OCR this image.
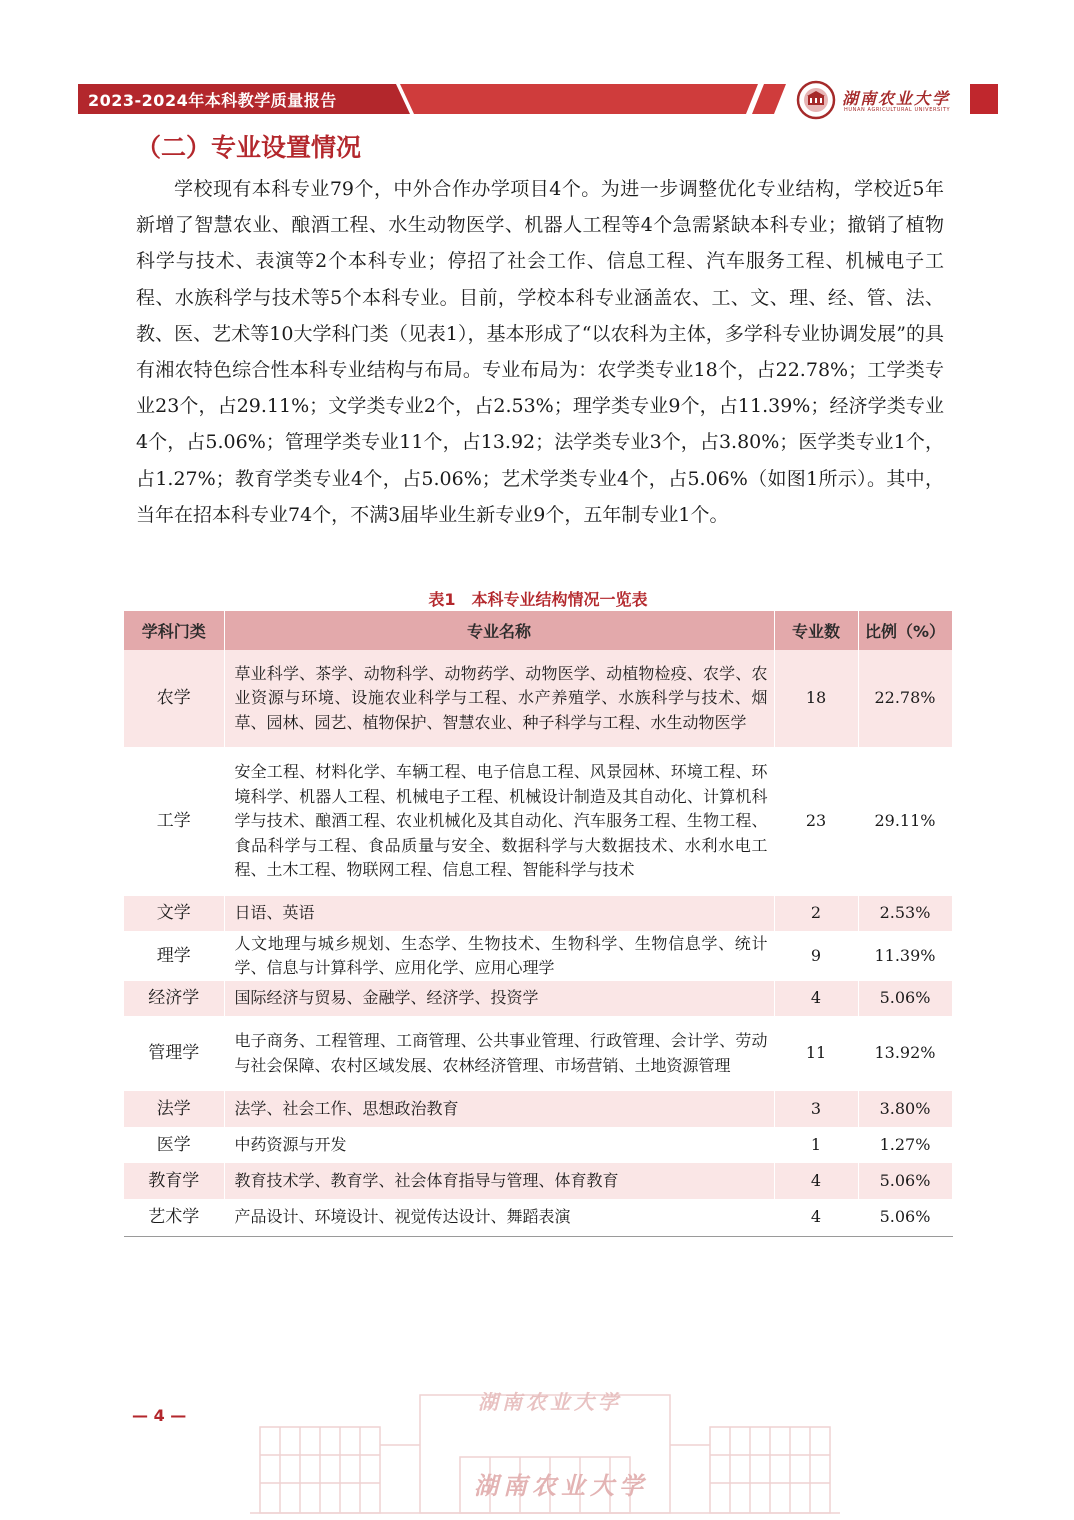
2023-2024年本科教学质量报告	湖南农业大学
HUNAN AGRICULTURAL UNIVERSITY
（二）专业设置情况

学校现有本科专业79个，中外合作办学项目4个。为进一步调整优化专业结构，学校近5年新增了智慧农业、酿酒工程、水生动物医学、机器人工程等4个急需紧缺本科专业；撤销了植物科学与技术、表演等2个本科专业；停招了社会工作、信息工程、汽车服务工程、机械电子工程、水族科学与技术等5个本科专业。目前，学校本科专业涵盖农、工、文、理、经、管、法、教、医、艺术等10大学科门类（见表1），基本形成了“以农科为主体，多学科专业协调发展”的具有湘农特色综合性本科专业结构与布局。专业布局为：农学类专业18个，占22.78%；工学类专业23个，占29.11%；文学类专业2个，占2.53%；理学类专业9个，占11.39%；经济学类专业4个，占5.06%；管理学类专业11个，占13.92；法学类专业3个，占3.80%；医学类专业1个，占1.27%；教育学类专业4个，占5.06%；艺术学类专业4个，占5.06%（如图1所示）。其中，当年在招本科专业74个，不满3届毕业生新专业9个，五年制专业1个。

表1　本科专业结构情况一览表
学科门类	专业名称	专业数	比例（%）
农学	草业科学、茶学、动物科学、动物药学、动物医学、动植物检疫、农学、农业资源与环境、设施农业科学与工程、水产养殖学、水族科学与技术、烟草、园林、园艺、植物保护、智慧农业、种子科学与工程、水生动物医学	18	22.78%
工学	安全工程、材料化学、车辆工程、电子信息工程、风景园林、环境工程、环境科学、机器人工程、机械电子工程、机械设计制造及其自动化、计算机科学与技术、酿酒工程、农业机械化及其自动化、汽车服务工程、生物工程、食品科学与工程、食品质量与安全、数据科学与大数据技术、水利水电工程、土木工程、物联网工程、信息工程、智能科学与技术	23	29.11%
文学	日语、英语	2	2.53%
理学	人文地理与城乡规划、生态学、生物技术、生物科学、生物信息学、统计学、信息与计算科学、应用化学、应用心理学	9	11.39%
经济学	国际经济与贸易、金融学、经济学、投资学	4	5.06%
管理学	电子商务、工程管理、工商管理、公共事业管理、行政管理、会计学、劳动与社会保障、农村区域发展、农林经济管理、市场营销、土地资源管理	11	13.92%
法学	法学、社会工作、思想政治教育	3	3.80%
医学	中药资源与开发	1	1.27%
教育学	教育技术学、教育学、社会体育指导与管理、体育教育	4	5.06%
艺术学	产品设计、环境设计、视觉传达设计、舞蹈表演	4	5.06%
— 4 —
湖南农业大学
湖南农业大学
